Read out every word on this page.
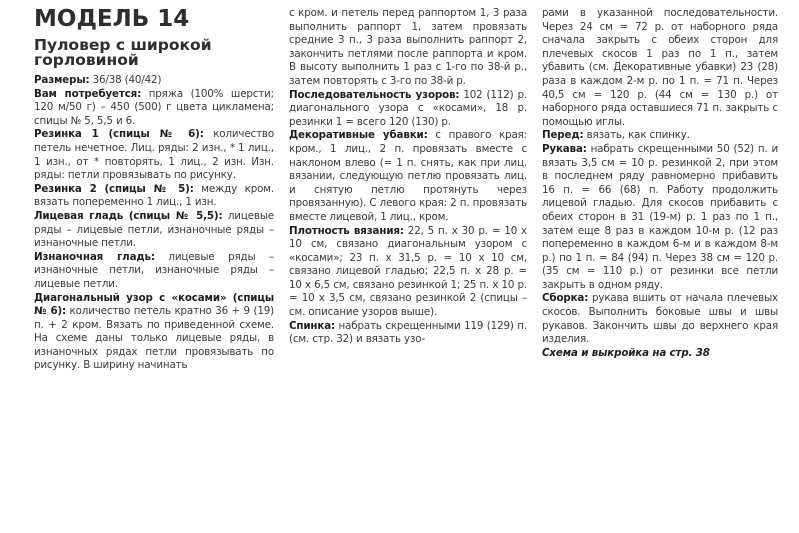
МОДЕЛЬ 14
Пуловер с широкой горловиной

Размеры: 36/38 (40/42)

Вам потребуется: пряжа (100% шерсти; 120 м/50 г) – 450 (500) г цвета цикламена; спицы № 5, 5,5 и 6.

Резинка 1 (спицы № 6): количество петель нечетное. Лиц. ряды: 2 изн., * 1 лиц., 1 изн., от * повторять, 1 лиц., 2 изн. Изн. ряды: петли провязывать по рисунку.

Резинка 2 (спицы № 5): между кром. вязать попеременно 1 лиц., 1 изн.

Лицевая гладь (спицы № 5,5): лицевые ряды – лицевые петли, изнаночные ряды – изнаночные петли.

Изнаночная гладь: лицевые ряды – изнаночные петли, изнаночные ряды – лицевые петли.

Диагональный узор с «косами» (спицы № 6): количество петель кратно 36 + 9 (19) п. + 2 кром. Вязать по приведенной схеме. На схеме даны только лицевые ряды, в изнаночных рядах петли провязывать по рисунку. В ширину начинать

с кром. и петель перед раппортом 1, 3 раза выполнить раппорт 1, затем провязать средние 3 п., 3 раза выполнить раппорт 2, закончить петлями после раппорта и кром. В высоту выполнить 1 раз с 1-го по 38-й р., затем повторять с 3-го по 38-й р.

Последовательность узоров: 102 (112) р. диагонального узора с «косами», 18 р. резинки 1 = всего 120 (130) р.

Декоративные убавки: с правого края: кром., 1 лиц., 2 п. провязать вместе с наклоном влево (= 1 п. снять, как при лиц. вязании, следующую петлю провязать лиц. и снятую петлю протянуть через провязанную). С левого края: 2 п. провязать вместе лицевой, 1 лиц., кром.

Плотность вязания: 22, 5 п. х 30 р. = 10 х 10 см, связано диагональным узором с «косами»; 23 п. х 31,5 р. = 10 х 10 см, связано лицевой гладью; 22,5 п. х 28 р. = 10 х 6,5 см, связано резинкой 1; 25 п. х 10 р. = 10 х 3,5 см, связано резинкой 2 (спицы – см. описание узоров выше).

Спинка: набрать скрещенными 119 (129) п. (см. стр. 32) и вязать узо-

рами в указанной последовательности. Через 24 см = 72 р. от наборного ряда сначала закрыть с обеих сторон для плечевых скосов 1 раз по 1 п., затем убавить (см. Декоративные убавки) 23 (28) раза в каждом 2-м р. по 1 п. = 71 п. Через 40,5 см = 120 р. (44 см = 130 р.) от наборного ряда оставшиеся 71 п. закрыть с помощью иглы.

Перед: вязать, как спинку.

Рукава: набрать скрещенными 50 (52) п. и вязать 3,5 см = 10 р. резинкой 2, при этом в последнем ряду равномерно прибавить 16 п. = 66 (68) п. Работу продолжить лицевой гладью. Для скосов прибавить с обеих сторон в 31 (19-м) р. 1 раз по 1 п., затем еще 8 раз в каждом 10-м р. (12 раз попеременно в каждом 6-м и в каждом 8-м р.) по 1 п. = 84 (94) п. Через 38 см = 120 р. (35 см = 110 р.) от резинки все петли закрыть в одном ряду.

Сборка: рукава вшить от начала плечевых скосов. Выполнить боковые швы и швы рукавов. Закончить швы до верхнего края изделия.

Схема и выкройка на стр. 38
